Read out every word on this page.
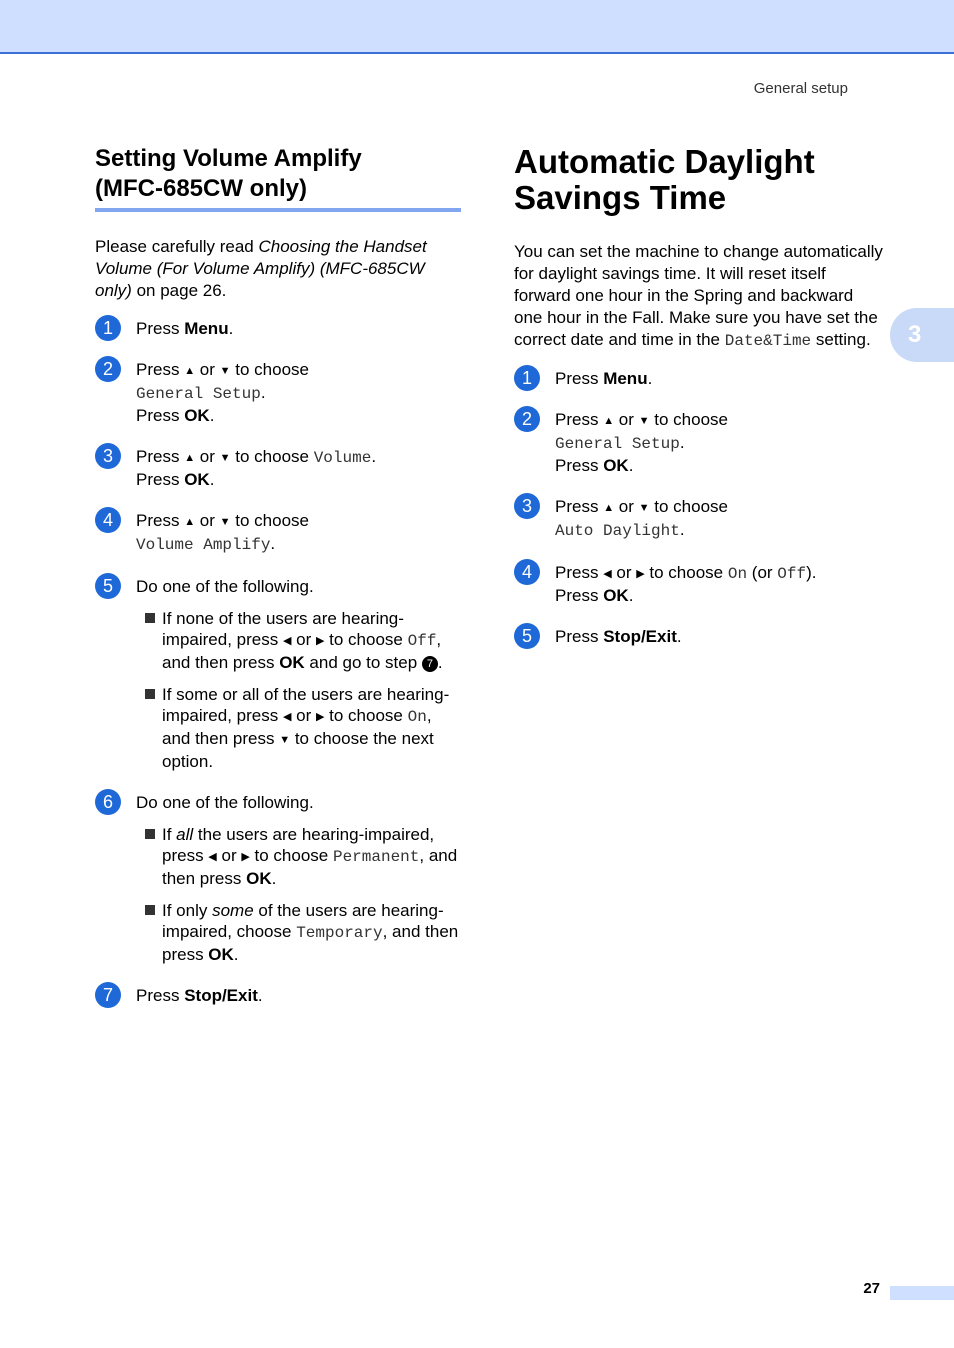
General setup
3
Setting Volume Amplify
(MFC-685CW only)

Please carefully read Choosing the Handset Volume (For Volume Amplify) (MFC-685CW only) on page 26.

1	Press Menu.
2	Press ▲ or ▼ to choose
General Setup.
Press OK.
3	Press ▲ or ▼ to choose Volume.
Press OK.
4	Press ▲ or ▼ to choose
Volume Amplify.
5	Do one of the following.
If none of the users are hearing-impaired, press ◀ or ▶ to choose Off, and then press OK and go to step 7 .
If some or all of the users are hearing-impaired, press ◀ or ▶ to choose On, and then press ▼ to choose the next option.
6	Do one of the following.
If all the users are hearing-impaired, press ◀ or ▶ to choose Permanent, and then press OK.
If only some of the users are hearing-impaired, choose Temporary, and then press OK.
7	Press Stop/Exit.
Automatic Daylight
Savings Time

You can set the machine to change automatically for daylight savings time. It will reset itself forward one hour in the Spring and backward one hour in the Fall. Make sure you have set the correct date and time in the Date&Time setting.

1	Press Menu.
2	Press ▲ or ▼ to choose
General Setup.
Press OK.
3	Press ▲ or ▼ to choose
Auto Daylight.
4	Press ◀ or ▶ to choose On (or Off).
Press OK.
5	Press Stop/Exit.
27
